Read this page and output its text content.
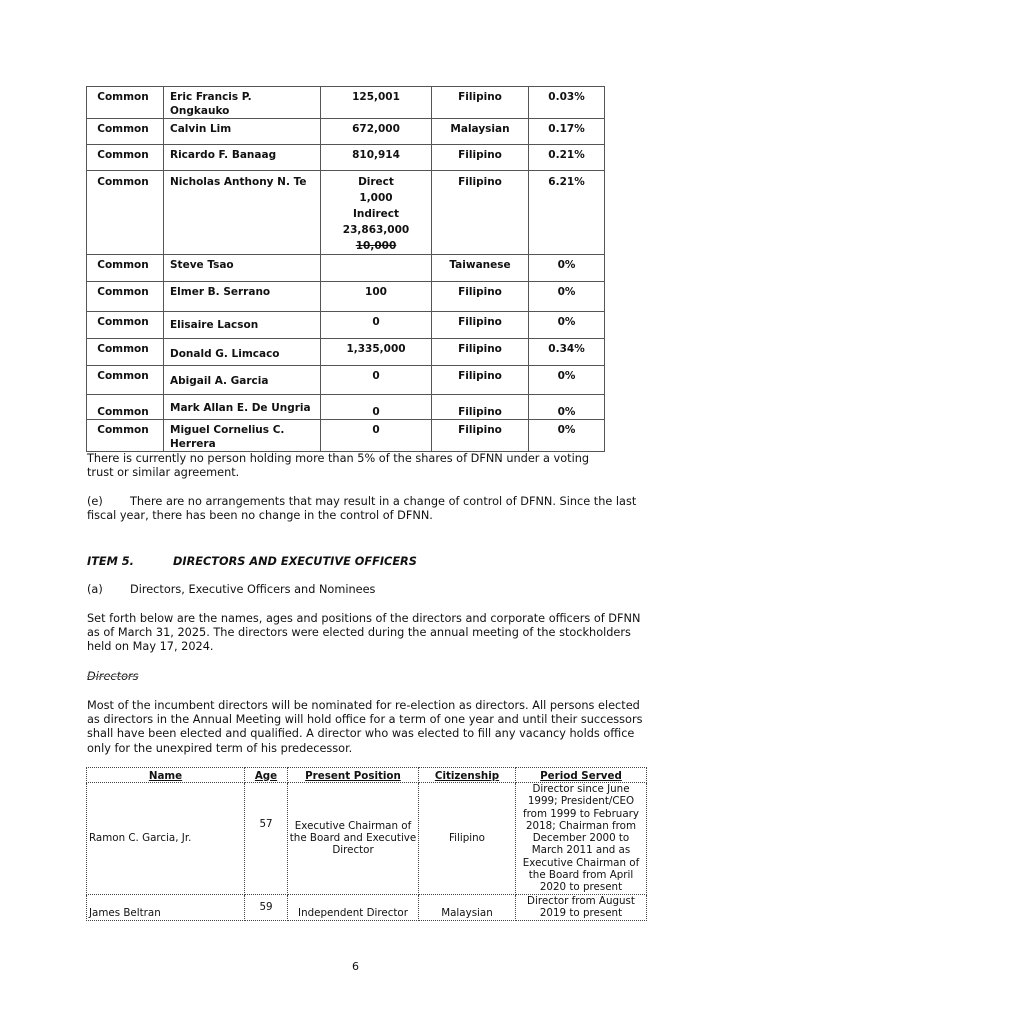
Common	Eric Francis P. Ongkauko	125,001	Filipino	0.03%
Common	Calvin Lim	672,000	Malaysian	0.17%
Common	Ricardo F. Banaag	810,914	Filipino	0.21%
Common	Nicholas Anthony N. Te	Direct
1,000
Indirect
23,863,000
10,000	Filipino	6.21%
Common	Steve Tsao		Taiwanese	0%
Common	Elmer B. Serrano	100	Filipino	0%
Common	Elisaire Lacson	0	Filipino	0%
Common	Donald G. Limcaco	1,335,000	Filipino	0.34%
Common	Abigail A. Garcia	0	Filipino	0%
Common	Mark Allan E. De Ungria	0	Filipino	0%
Common	Miguel Cornelius C. Herrera	0	Filipino	0%

There is currently no person holding more than 5% of the shares of DFNN under a voting trust or similar agreement.

(e) There are no arrangements that may result in a change of control of DFNN. Since the last fiscal year, there has been no change in the control of DFNN.

ITEM 5.	DIRECTORS AND EXECUTIVE OFFICERS

(a) Directors, Executive Officers and Nominees

Set forth below are the names, ages and positions of the directors and corporate officers of DFNN as of March 31, 2025. The directors were elected during the annual meeting of the stockholders held on May 17, 2024.

Directors

Most of the incumbent directors will be nominated for re-election as directors. All persons elected as directors in the Annual Meeting will hold office for a term of one year and until their successors shall have been elected and qualified. A director who was elected to fill any vacancy holds office only for the unexpired term of his predecessor.

Name	Age	Present Position	Citizenship	Period Served
Ramon C. Garcia, Jr.	57	Executive Chairman of the Board and Executive Director	Filipino	Director since June 1999; President/CEO from 1999 to February 2018; Chairman from December 2000 to March 2011 and as Executive Chairman of the Board from April 2020 to present
James Beltran	59	Independent Director	Malaysian	Director from August 2019 to present
6
